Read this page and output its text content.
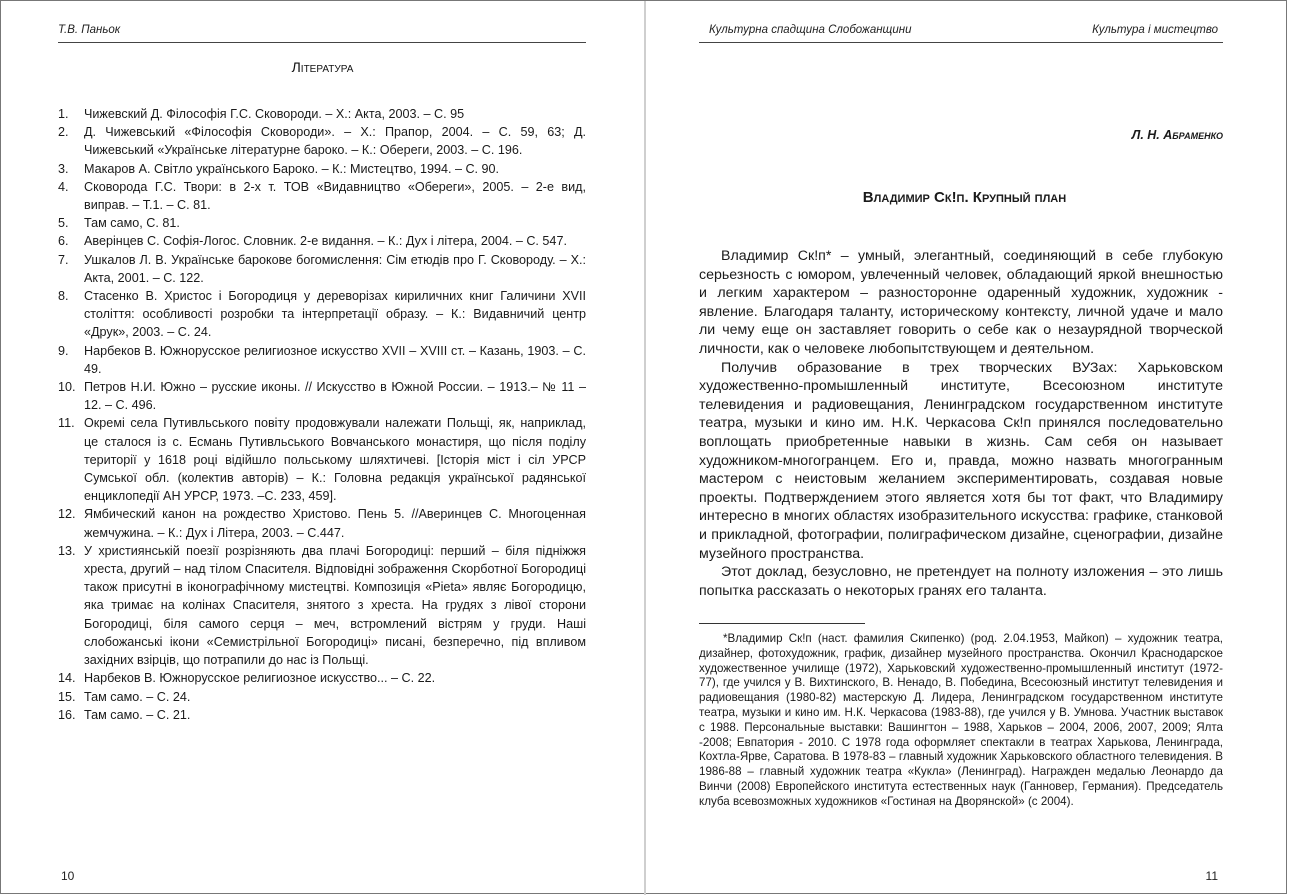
Т.В. Паньок
Література
1. Чижевский Д. Філософія Г.С. Сковороди. – Х.: Акта, 2003. – С. 95
2. Д. Чижевський «Філософія Сковороди». – Х.: Прапор, 2004. – С. 59, 63; Д. Чижевський «Українське літературне бароко. – К.: Обереги, 2003. – С. 196.
3. Макаров А. Світло українського Бароко. – К.: Мистецтво, 1994. – С. 90.
4. Сковорода Г.С. Твори: в 2-х т. ТОВ «Видавництво «Обереги», 2005. – 2-е вид, виправ. – Т.1. – С. 81.
5. Там само, С. 81.
6. Аверінцев С. Софія-Логос. Словник. 2-е видання. – К.: Дух і літера, 2004. – С. 547.
7. Ушкалов Л. В. Українське барокове богомислення: Сім етюдів про Г. Сковороду. – Х.: Акта, 2001. – С. 122.
8. Стасенко В. Христос і Богородиця у дереворізах кириличних книг Галичини XVII століття: особливості розробки та інтерпретації образу. – К.: Видавничий центр «Друк», 2003. – С. 24.
9. Нарбеков В. Южнорусское религиозное искусство XVII – XVIII ст. – Казань, 1903. – С. 49.
10. Петров Н.И. Южно – русские иконы. // Искусство в Южной России. – 1913.– № 11 – 12. – С. 496.
11. Окремі села Путивльського повіту продовжували належати Польщі, як, наприклад, це сталося із с. Есмань Путивльського Вовчанського монастиря, що після поділу території у 1618 році відійшло польському шляхтичеві. [Історія міст і сіл УРСР Сумської обл. (колектив авторів) – К.: Головна редакція української радянської енциклопедії АН УРСР, 1973. –С. 233, 459].
12. Ямбический канон на рождество Христово. Пень 5. //Аверинцев С. Многоценная жемчужина. – К.: Дух і Літера, 2003. – С.447.
13. У християнській поезії розрізняють два плачі Богородиці: перший – біля підніжжя хреста, другий – над тілом Спасителя. Відповідні зображення Скорботної Богородиці також присутні в іконографічному мистецтві. Композиція «Pieta» являє Богородицю, яка тримає на колінах Спасителя, знятого з хреста. На грудях з лівої сторони Богородиці, біля самого серця – меч, встромлений вістрям у груди. Наші слобожанські ікони «Семистрільної Богородиці» писані, безперечно, під впливом західних взірців, що потрапили до нас із Польщі.
14. Нарбеков В. Южнорусское религиозное искусство... – С. 22.
15. Там само. – С. 24.
16. Там само. – С. 21.
10
Культурна спадщина Слобожанщини	Культура і мистецтво
Л. Н. Абраменко
Владимир Ск!п. Крупный план

Владимир Ск!п* – умный, элегантный, соединяющий в себе глубокую серьезность с юмором, увлеченный человек, обладающий яркой внешностью и легким характером – разносторонне одаренный художник, художник - явление. Благодаря таланту, историческому контексту, личной удаче и мало ли чему еще он заставляет говорить о себе как о незаурядной творческой личности, как о человеке любопытствующем и деятельном.

Получив образование в трех творческих ВУЗах: Харьковском художественно-промышленный институте, Всесоюзном институте телевидения и радиовещания, Ленинградском государственном институте театра, музыки и кино им. Н.К. Черкасова Ск!п принялся последовательно воплощать приобретенные навыки в жизнь. Сам себя он называет художником-многогранцем. Его и, правда, можно назвать многогранным мастером с неистовым желанием экспериментировать, создавая новые проекты. Подтверждением этого является хотя бы тот факт, что Владимиру интересно в многих областях изобразительного искусства: графике, станковой и прикладной, фотографии, полиграфическом дизайне, сценографии, дизайне музейного пространства.

Этот доклад, безусловно, не претендует на полноту изложения – это лишь попытка рассказать о некоторых гранях его таланта.

*Владимир Ск!п (наст. фамилия Скипенко) (род. 2.04.1953, Майкоп) – художник театра, дизайнер, фотохудожник, график, дизайнер музейного пространства. Окончил Краснодарское художественное училище (1972), Харьковский художественно-промышленный институт (1972-77), где учился у В. Вихтинского, В. Ненадо, В. Победина, Всесоюзный институт телевидения и радиовещания (1980-82) мастерскую Д. Лидера, Ленинградском государственном институте театра, музыки и кино им. Н.К. Черкасова (1983-88), где учился у В. Умнова. Участник выставок с 1988. Персональные выставки: Вашингтон – 1988, Харьков – 2004, 2006, 2007, 2009; Ялта -2008; Евпатория - 2010. С 1978 года оформляет спектакли в театрах Харькова, Ленинграда, Кохтла-Ярве, Саратова. В 1978-83 – главный художник Харьковского областного телевидения. В 1986-88 – главный художник театра «Кукла» (Ленинград). Награжден медалью Леонардо да Винчи (2008) Европейского института естественных наук (Ганновер, Германия). Председатель клуба всевозможных художников «Гостиная на Дворянской» (с 2004).
11
